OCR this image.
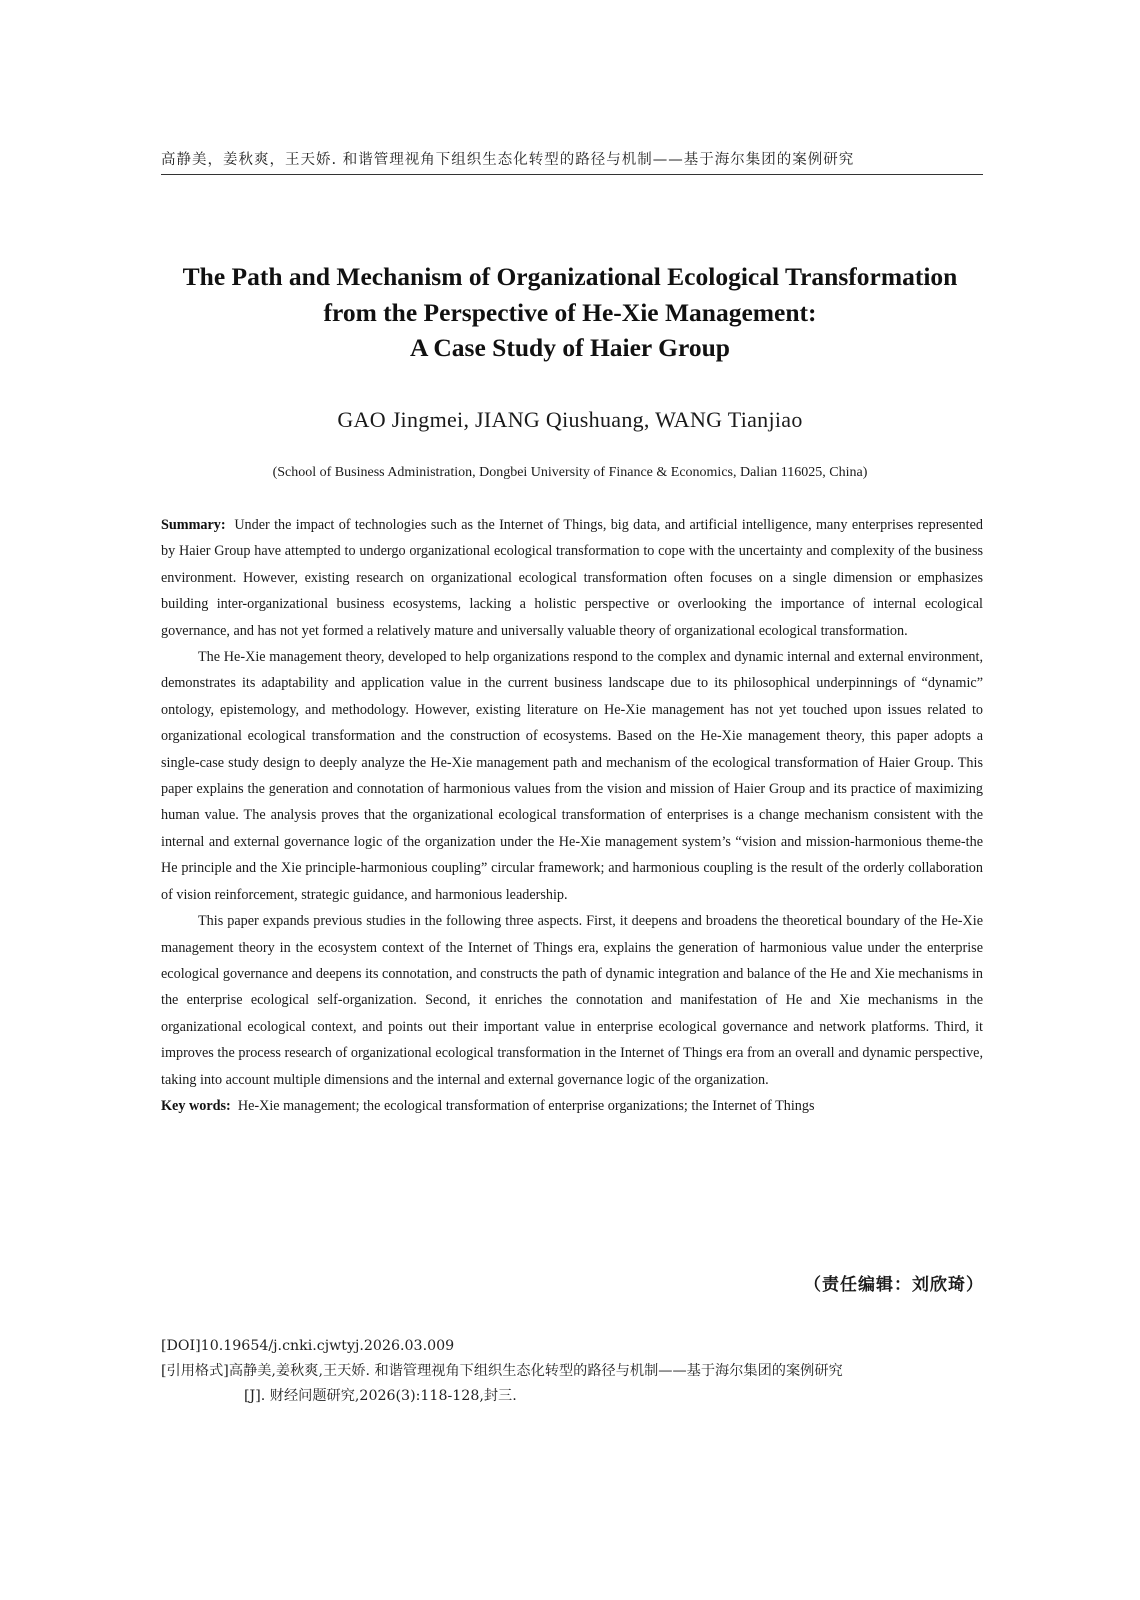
高静美，姜秋爽，王天娇. 和谐管理视角下组织生态化转型的路径与机制——基于海尔集团的案例研究
The Path and Mechanism of Organizational Ecological Transformation
from the Perspective of He-Xie Management:
A Case Study of Haier Group
GAO Jingmei, JIANG Qiushuang, WANG Tianjiao
(School of Business Administration, Dongbei University of Finance & Economics, Dalian 116025, China)

Summary: Under the impact of technologies such as the Internet of Things, big data, and artificial intelligence, many enterprises represented by Haier Group have attempted to undergo organizational ecological transformation to cope with the uncertainty and complexity of the business environment. However, existing research on organizational ecological transformation often focuses on a single dimension or emphasizes building inter-organizational business ecosystems, lacking a holistic perspective or overlooking the importance of internal ecological governance, and has not yet formed a relatively mature and universally valuable theory of organizational ecological transformation.

The He-Xie management theory, developed to help organizations respond to the complex and dynamic internal and external environment, demonstrates its adaptability and application value in the current business landscape due to its philosophical underpinnings of “dynamic” ontology, epistemology, and methodology. However, existing literature on He-Xie management has not yet touched upon issues related to organizational ecological transformation and the construction of ecosystems. Based on the He-Xie management theory, this paper adopts a single-case study design to deeply analyze the He-Xie management path and mechanism of the ecological transformation of Haier Group. This paper explains the generation and connotation of harmonious values from the vision and mission of Haier Group and its practice of maximizing human value. The analysis proves that the organizational ecological transformation of enterprises is a change mechanism consistent with the internal and external governance logic of the organization under the He-Xie management system’s “vision and mission-harmonious theme-the He principle and the Xie principle-harmonious coupling” circular framework; and harmonious coupling is the result of the orderly collaboration of vision reinforcement, strategic guidance, and harmonious leadership.

This paper expands previous studies in the following three aspects. First, it deepens and broadens the theoretical boundary of the He-Xie management theory in the ecosystem context of the Internet of Things era, explains the generation of harmonious value under the enterprise ecological governance and deepens its connotation, and constructs the path of dynamic integration and balance of the He and Xie mechanisms in the enterprise ecological self-organization. Second, it enriches the connotation and manifestation of He and Xie mechanisms in the organizational ecological context, and points out their important value in enterprise ecological governance and network platforms. Third, it improves the process research of organizational ecological transformation in the Internet of Things era from an overall and dynamic perspective, taking into account multiple dimensions and the internal and external governance logic of the organization.

Key words: He-Xie management; the ecological transformation of enterprise organizations; the Internet of Things
（责任编辑：刘欣琦）
[DOI]10.19654/j.cnki.cjwtyj.2026.03.009
[引用格式]高静美,姜秋爽,王天娇. 和谐管理视角下组织生态化转型的路径与机制——基于海尔集团的案例研究
[J]. 财经问题研究,2026(3):118-128,封三.
